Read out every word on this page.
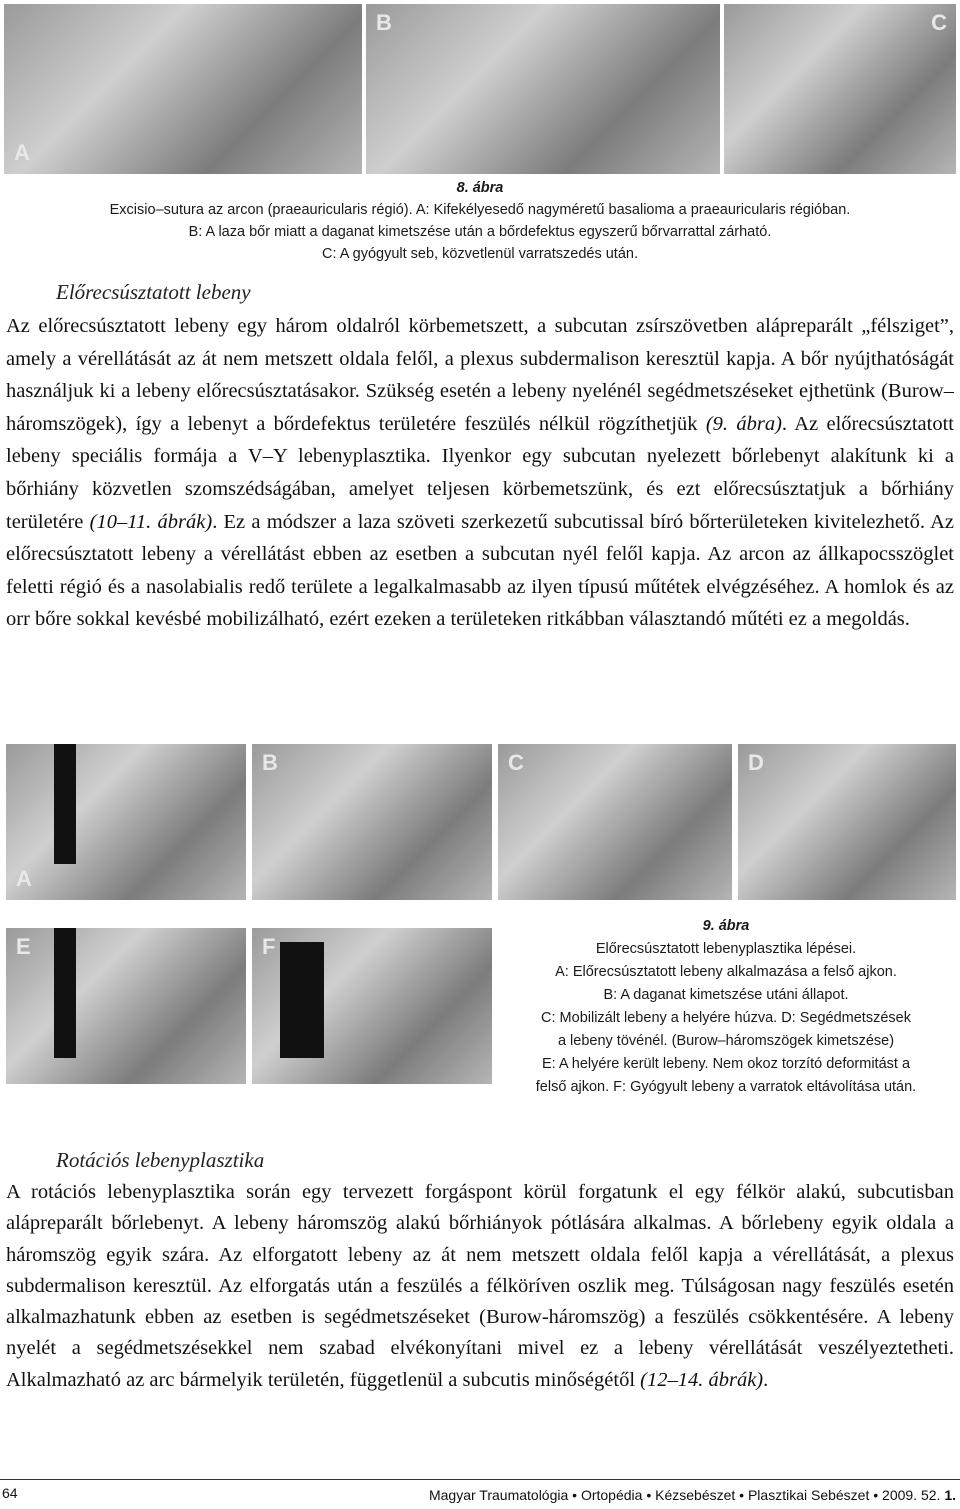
A
B	C
8. ábra
Excisio–sutura az arcon (praeauricularis régió). A: Kifekélyesedő nagyméretű basalioma a praeauricularis régióban.
B: A laza bőr miatt a daganat kimetszése után a bőrdefektus egyszerű bőrvarrattal zárható.
C: A gyógyult seb, közvetlenül varratszedés után.
Előrecsúsztatott lebeny
Az előrecsúsztatott lebeny egy három oldalról körbemetszett, a subcutan zsírszövetben alápreparált „félsziget”, amely a vérellátását az át nem metszett oldala felől, a plexus subdermalison keresztül kapja. A bőr nyújthatóságát használjuk ki a lebeny előrecsúsztatásakor. Szükség esetén a lebeny nyelénél segédmetszéseket ejthetünk (Burow–háromszögek), így a lebenyt a bőrdefektus területére feszülés nélkül rögzíthetjük (9. ábra). Az előrecsúsztatott lebeny speciális formája a V–Y lebenyplasztika. Ilyenkor egy subcutan nyelezett bőrlebenyt alakítunk ki a bőrhiány közvetlen szomszédságában, amelyet teljesen körbemetszünk, és ezt előrecsúsztatjuk a bőrhiány területére (10–11. ábrák). Ez a módszer a laza szöveti szerkezetű subcutissal bíró bőrterületeken kivitelezhető. Az előrecsúsztatott lebeny a vérellátást ebben az esetben a subcutan nyél felől kapja. Az arcon az állkapocsszöglet feletti régió és a nasolabialis redő területe a legalkalmasabb az ilyen típusú műtétek elvégzéséhez. A homlok és az orr bőre sokkal kevésbé mobilizálható, ezért ezeken a területeken ritkábban választandó műtéti ez a megoldás.
A
B	C	D
E	F
9. ábra
Előrecsúsztatott lebenyplasztika lépései.
A: Előrecsúsztatott lebeny alkalmazása a felső ajkon.
B: A daganat kimetszése utáni állapot.
C: Mobilizált lebeny a helyére húzva. D: Segédmetszések
a lebeny tövénél. (Burow–háromszögek kimetszése)
E: A helyére került lebeny. Nem okoz torzító deformitást a
felső ajkon. F: Gyógyult lebeny a varratok eltávolítása után.
Rotációs lebenyplasztika
A rotációs lebenyplasztika során egy tervezett forgáspont körül forgatunk el egy félkör alakú, subcutisban alápreparált bőrlebenyt. A lebeny háromszög alakú bőrhiányok pótlására alkalmas. A bőrlebeny egyik oldala a háromszög egyik szára. Az elforgatott lebeny az át nem metszett oldala felől kapja a vérellátását, a plexus subdermalison keresztül. Az elforgatás után a feszülés a félköríven oszlik meg. Túlságosan nagy feszülés esetén alkalmazhatunk ebben az esetben is segédmetszéseket (Burow-háromszög) a feszülés csökkentésére. A lebeny nyelét a segédmetszésekkel nem szabad elvékonyítani mivel ez a lebeny vérellátását veszélyeztetheti. Alkalmazható az arc bármelyik területén, függetlenül a subcutis minőségétől (12–14. ábrák).
64	Magyar Traumatológia • Ortopédia • Kézsebészet • Plasztikai Sebészet • 2009. 52. 1.
